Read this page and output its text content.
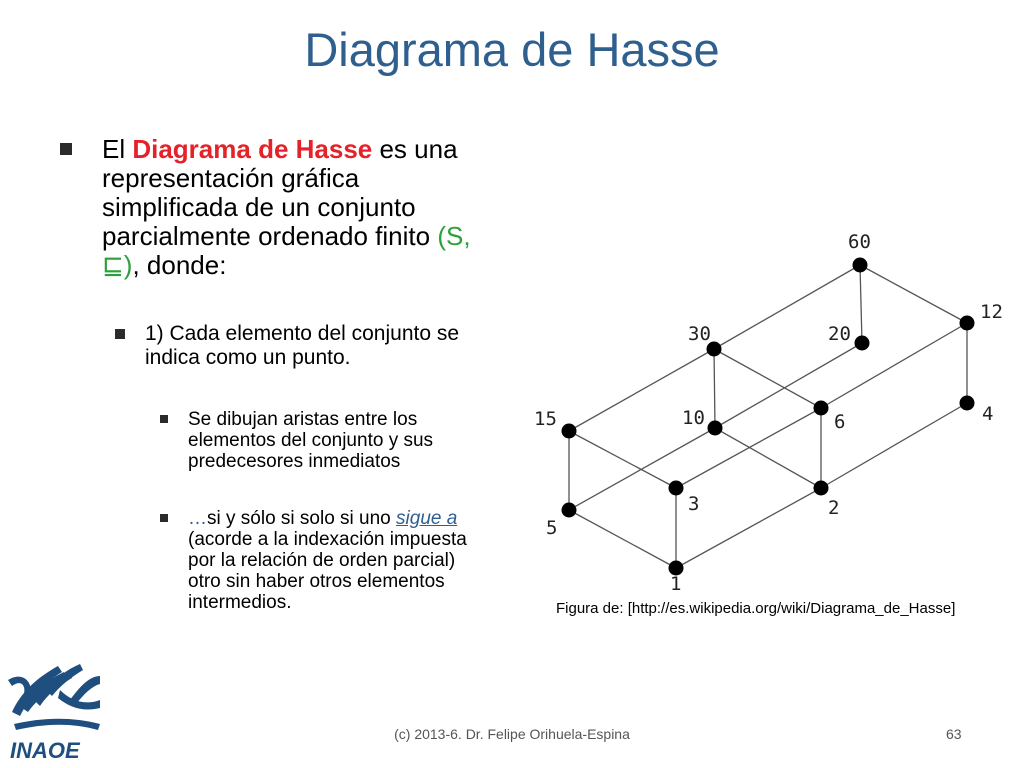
Diagrama de Hasse
El Diagrama de Hasse es una representación gráfica simplificada de un conjunto parcialmente ordenado finito (S, ⊑), donde:
1) Cada elemento del conjunto se indica como un punto.
Se dibujan aristas entre los elementos del conjunto y sus predecesores inmediatos
…si y sólo si solo si uno sigue a (acorde a la indexación impuesta por la relación de orden parcial) otro sin haber otros elementos intermedios.
60
30	20
12
15	10	6	4
5
3	2
1
INAOE
Figura de: [http://es.wikipedia.org/wiki/Diagrama_de_Hasse]
(c) 2013-6. Dr. Felipe Orihuela-Espina	63
